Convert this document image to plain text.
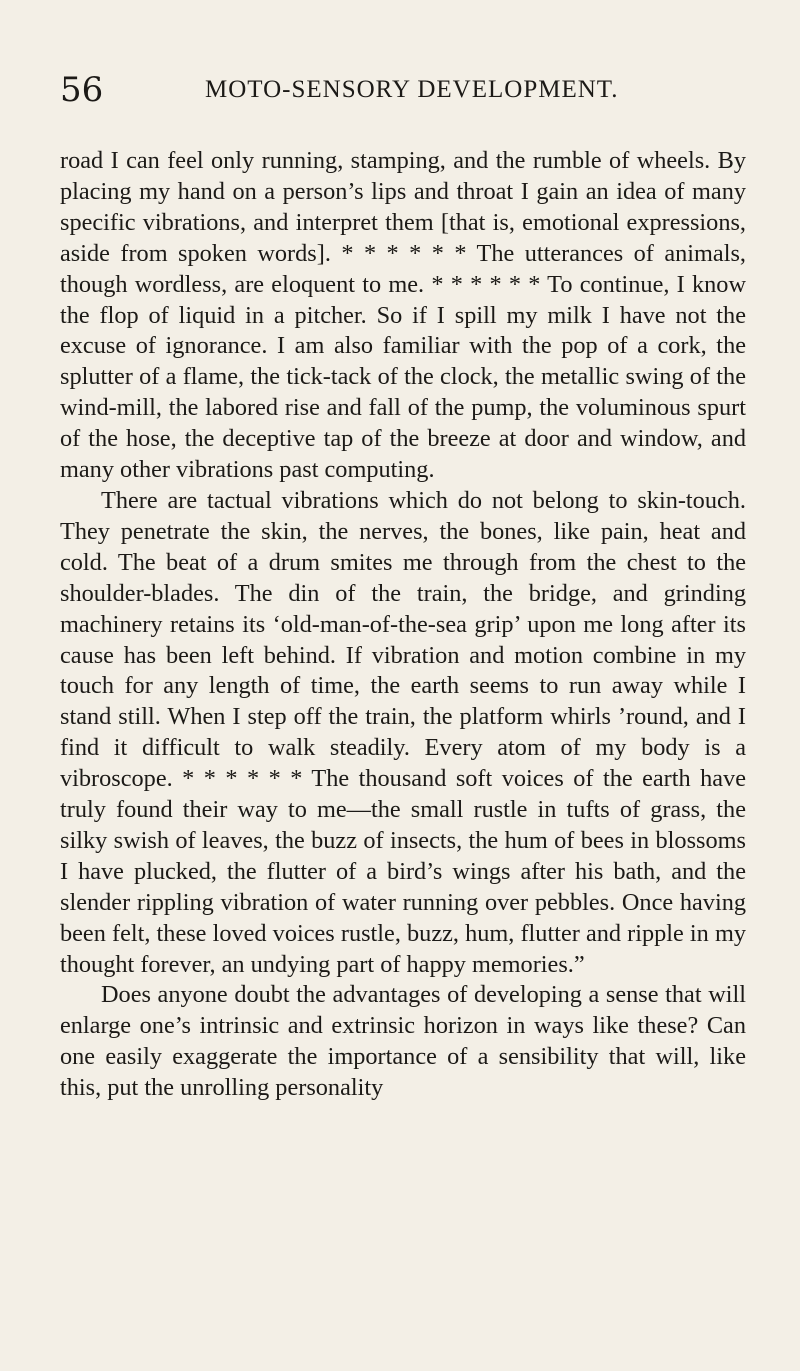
56	MOTO-SENSORY DEVELOPMENT.

road I can feel only running, stamping, and the rumble of wheels. By placing my hand on a person’s lips and throat I gain an idea of many specific vibrations, and interpret them [that is, emotional expressions, aside from spoken words]. * * * * * * The utterances of animals, though wordless, are eloquent to me. * * * * * * To continue, I know the flop of liquid in a pitcher. So if I spill my milk I have not the excuse of ignorance. I am also familiar with the pop of a cork, the splutter of a flame, the tick-tack of the clock, the metallic swing of the wind-mill, the labored rise and fall of the pump, the voluminous spurt of the hose, the deceptive tap of the breeze at door and window, and many other vibrations past computing.

There are tactual vibrations which do not belong to skin-touch. They penetrate the skin, the nerves, the bones, like pain, heat and cold. The beat of a drum smites me through from the chest to the shoulder-blades. The din of the train, the bridge, and grinding machinery retains its ‘old-man-of-the-sea grip’ upon me long after its cause has been left behind. If vibration and motion combine in my touch for any length of time, the earth seems to run away while I stand still. When I step off the train, the platform whirls ’round, and I find it difficult to walk steadily. Every atom of my body is a vibroscope. * * * * * * The thousand soft voices of the earth have truly found their way to me—the small rustle in tufts of grass, the silky swish of leaves, the buzz of insects, the hum of bees in blossoms I have plucked, the flutter of a bird’s wings after his bath, and the slender rippling vibration of water running over pebbles. Once having been felt, these loved voices rustle, buzz, hum, flutter and ripple in my thought forever, an undying part of happy memories.”

Does anyone doubt the advantages of developing a sense that will enlarge one’s intrinsic and extrinsic horizon in ways like these? Can one easily exaggerate the importance of a sensibility that will, like this, put the unrolling personality
